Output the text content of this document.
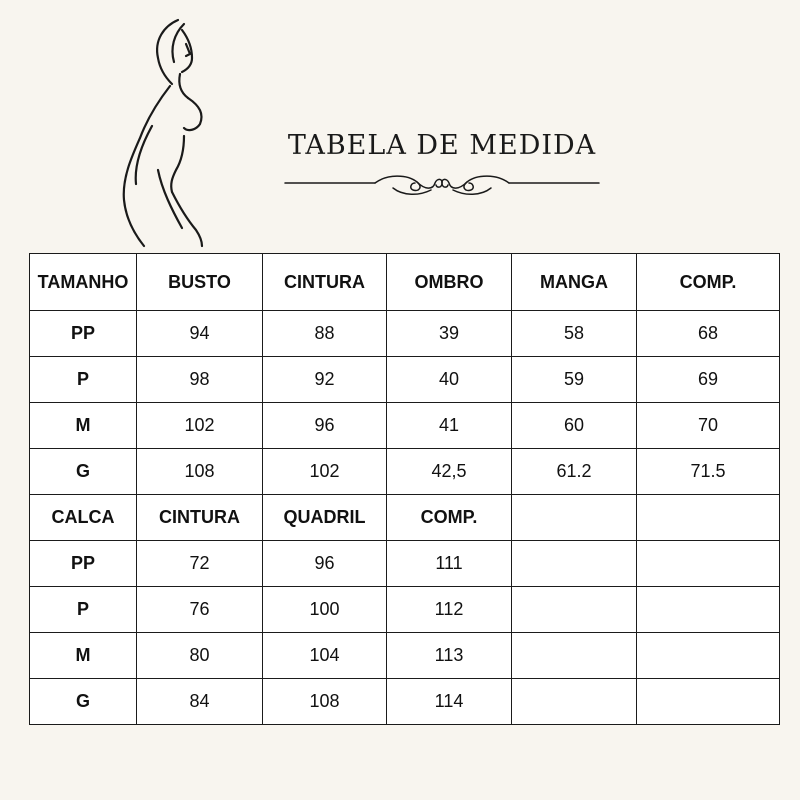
TABELA DE MEDIDA
TAMANHO	BUSTO	CINTURA	OMBRO	MANGA	COMP.
PP	94	88	39	58	68
P	98	92	40	59	69
M	102	96	41	60	70
G	108	102	42,5	61.2	71.5
CALCA	CINTURA	QUADRIL	COMP.		
PP	72	96	111		
P	76	100	112		
M	80	104	113		
G	84	108	114		
